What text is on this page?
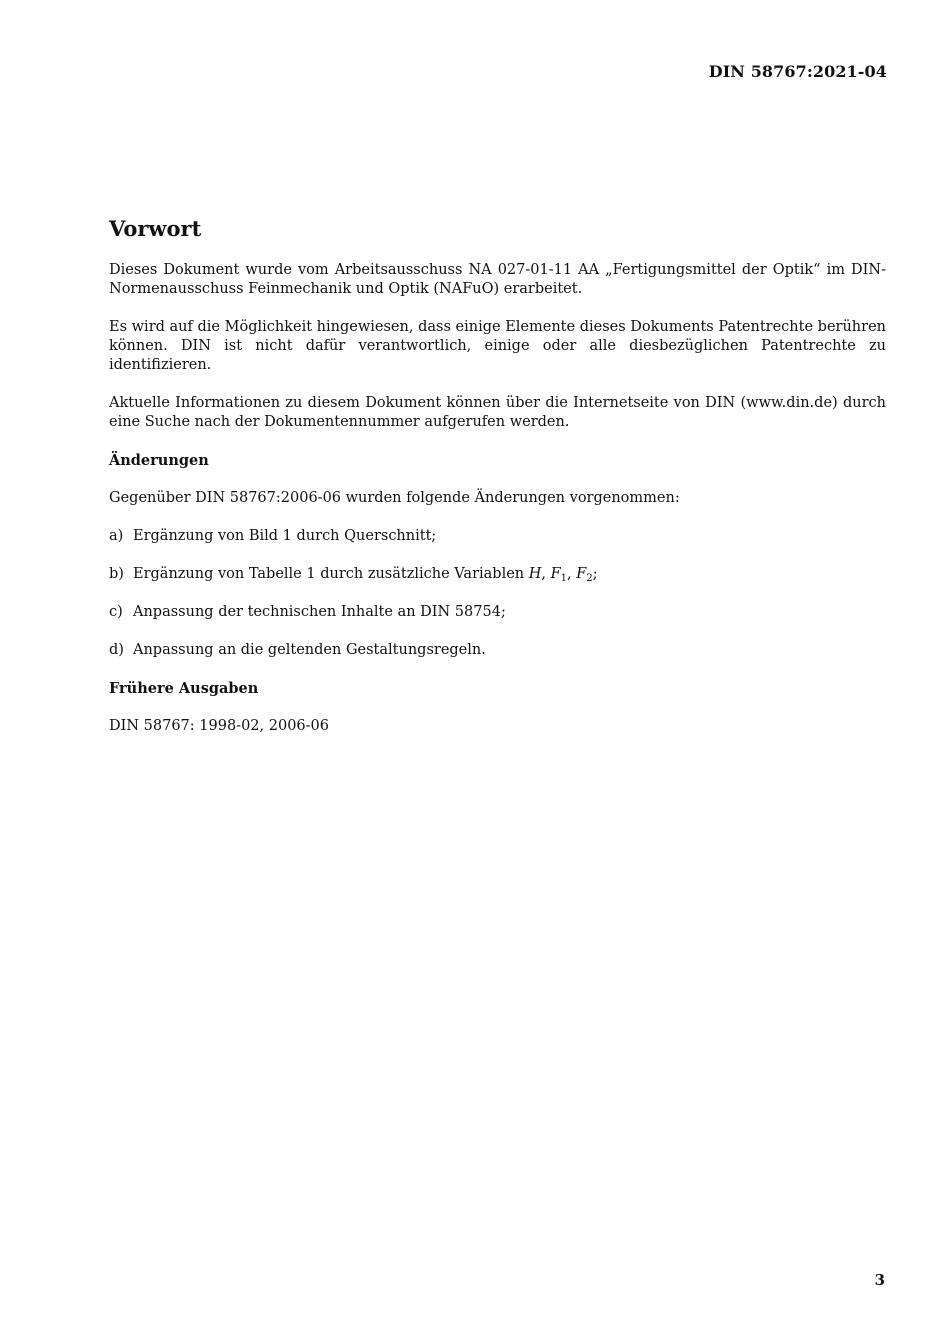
DIN 58767:2021-04
Vorwort

Dieses Dokument wurde vom Arbeitsausschuss NA 027-01-11 AA „Fertigungsmittel der Optik“ im DIN-Normenausschuss Feinmechanik und Optik (NAFuO) erarbeitet.

Es wird auf die Möglichkeit hingewiesen, dass einige Elemente dieses Dokuments Patentrechte berühren können. DIN ist nicht dafür verantwortlich, einige oder alle diesbezüglichen Patentrechte zu identifizieren.

Aktuelle Informationen zu diesem Dokument können über die Internetseite von DIN (www.din.de) durch eine Suche nach der Dokumentennummer aufgerufen werden.

Änderungen

Gegenüber DIN 58767:2006-06 wurden folgende Änderungen vorgenommen:

a) Ergänzung von Bild 1 durch Querschnitt;
b) Ergänzung von Tabelle 1 durch zusätzliche Variablen H, $F_1$, $F_2$;
c) Anpassung der technischen Inhalte an DIN 58754;
d) Anpassung an die geltenden Gestaltungsregeln.
Frühere Ausgaben

DIN 58767: 1998-02, 2006-06

3
